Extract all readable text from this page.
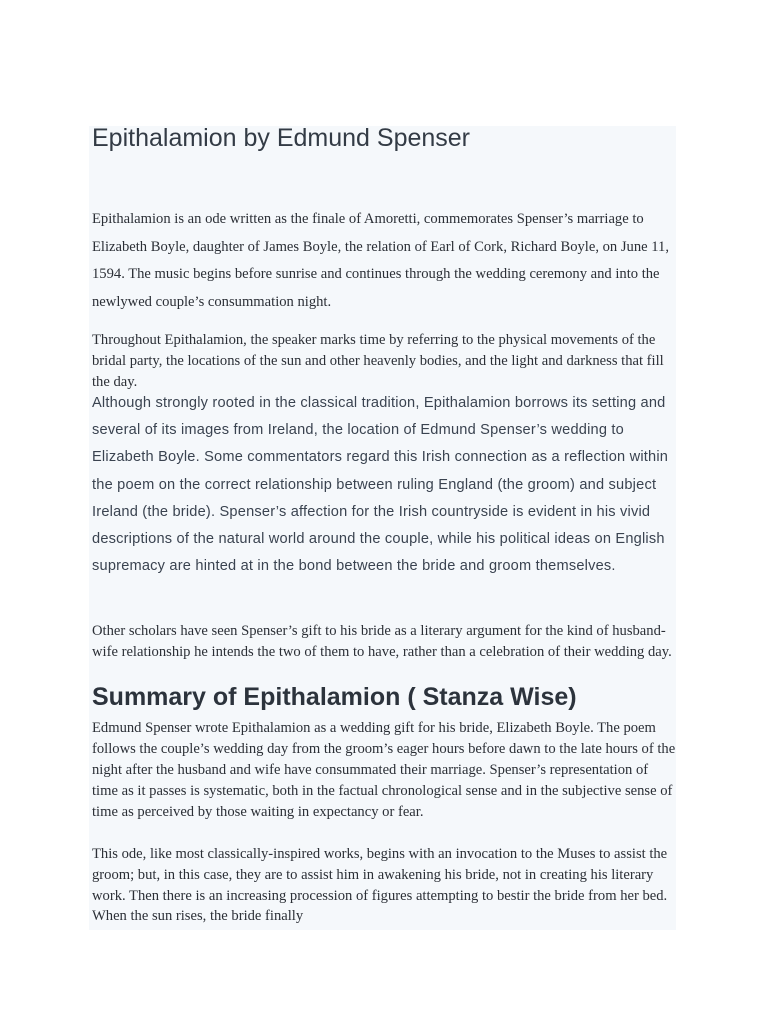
Epithalamion by Edmund Spenser

Epithalamion is an ode written as the finale of Amoretti, commemorates Spenser’s marriage to Elizabeth Boyle, daughter of James Boyle, the relation of Earl of Cork, Richard Boyle, on June 11, 1594. The music begins before sunrise and continues through the wedding ceremony and into the newlywed couple’s consummation night.

Throughout Epithalamion, the speaker marks time by referring to the physical movements of the bridal party, the locations of the sun and other heavenly bodies, and the light and darkness that fill the day.

Although strongly rooted in the classical tradition, Epithalamion borrows its setting and several of its images from Ireland, the location of Edmund Spenser’s wedding to Elizabeth Boyle. Some commentators regard this Irish connection as a reflection within the poem on the correct relationship between ruling England (the groom) and subject Ireland (the bride). Spenser’s affection for the Irish countryside is evident in his vivid descriptions of the natural world around the couple, while his political ideas on English supremacy are hinted at in the bond between the bride and groom themselves.

Other scholars have seen Spenser’s gift to his bride as a literary argument for the kind of husband-wife relationship he intends the two of them to have, rather than a celebration of their wedding day.

Summary of Epithalamion ( Stanza Wise)

Edmund Spenser wrote Epithalamion as a wedding gift for his bride, Elizabeth Boyle. The poem follows the couple’s wedding day from the groom’s eager hours before dawn to the late hours of the night after the husband and wife have consummated their marriage. Spenser’s representation of time as it passes is systematic, both in the factual chronological sense and in the subjective sense of time as perceived by those waiting in expectancy or fear.

This ode, like most classically-inspired works, begins with an invocation to the Muses to assist the groom; but, in this case, they are to assist him in awakening his bride, not in creating his literary work. Then there is an increasing procession of figures attempting to bestir the bride from her bed. When the sun rises, the bride finally
